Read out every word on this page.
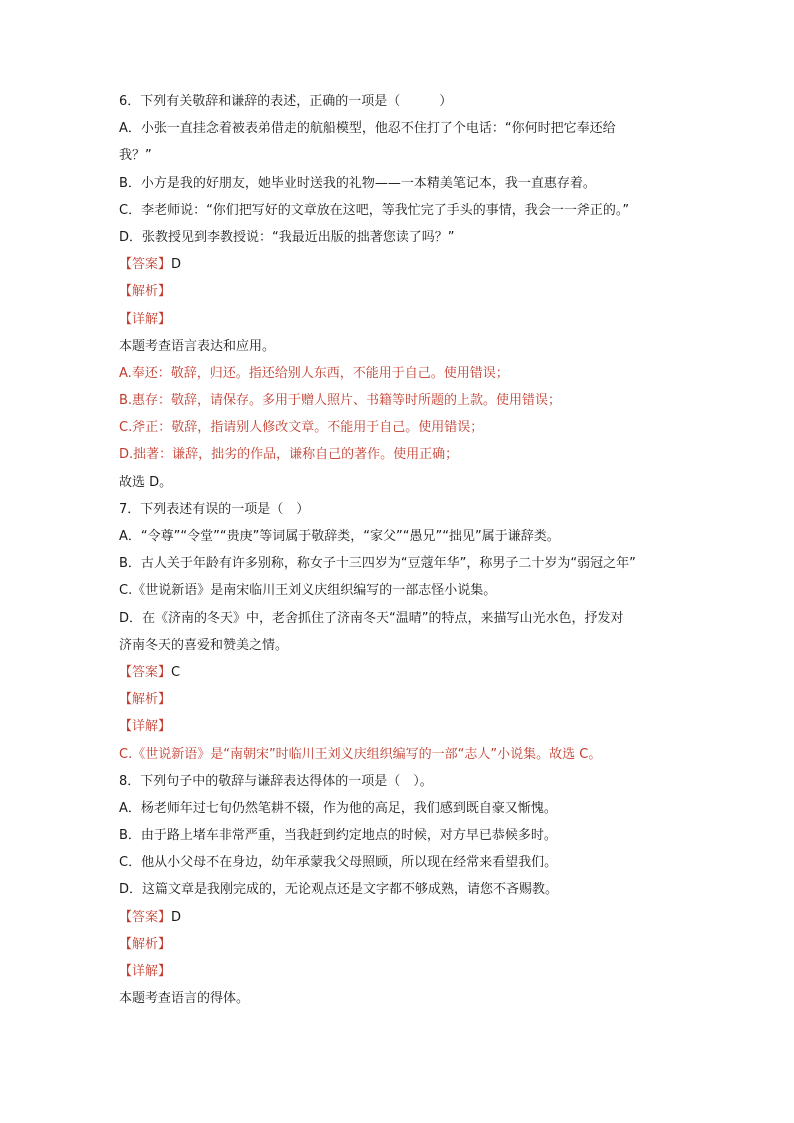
6．下列有关敬辞和谦辞的表述，正确的一项是（　　　）
A．小张一直挂念着被表弟借走的航船模型，他忍不住打了个电话：“你何时把它奉还给
我？”
B．小方是我的好朋友，她毕业时送我的礼物——一本精美笔记本，我一直惠存着。
C．李老师说：“你们把写好的文章放在这吧，等我忙完了手头的事情，我会一一斧正的。”
D．张教授见到李教授说：“我最近出版的拙著您读了吗？”
【答案】D
【解析】
【详解】
本题考查语言表达和应用。
A.奉还：敬辞，归还。指还给别人东西，不能用于自己。使用错误；
B.惠存：敬辞，请保存。多用于赠人照片、书籍等时所题的上款。使用错误；
C.斧正：敬辞，指请别人修改文章。不能用于自己。使用错误；
D.拙著：谦辞，拙劣的作品，谦称自己的著作。使用正确；
故选 D。
7．下列表述有误的一项是（　）
A．“令尊”“令堂”“贵庚”等词属于敬辞类，“家父”“愚兄”“拙见”属于谦辞类。
B．古人关于年龄有许多别称，称女子十三四岁为“豆蔻年华”，称男子二十岁为“弱冠之年”
C.《世说新语》是南宋临川王刘义庆组织编写的一部志怪小说集。
D．在《济南的冬天》中，老舍抓住了济南冬天“温晴”的特点，来描写山光水色，抒发对
济南冬天的喜爱和赞美之情。
【答案】C
【解析】
【详解】
C.《世说新语》是“南朝宋”时临川王刘义庆组织编写的一部“志人”小说集。故选 C。
8．下列句子中的敬辞与谦辞表达得体的一项是（　）。
A．杨老师年过七旬仍然笔耕不辍，作为他的高足，我们感到既自豪又惭愧。
B．由于路上堵车非常严重，当我赶到约定地点的时候，对方早已恭候多时。
C．他从小父母不在身边，幼年承蒙我父母照顾，所以现在经常来看望我们。
D．这篇文章是我刚完成的，无论观点还是文字都不够成熟，请您不吝赐教。
【答案】D
【解析】
【详解】
本题考查语言的得体。
